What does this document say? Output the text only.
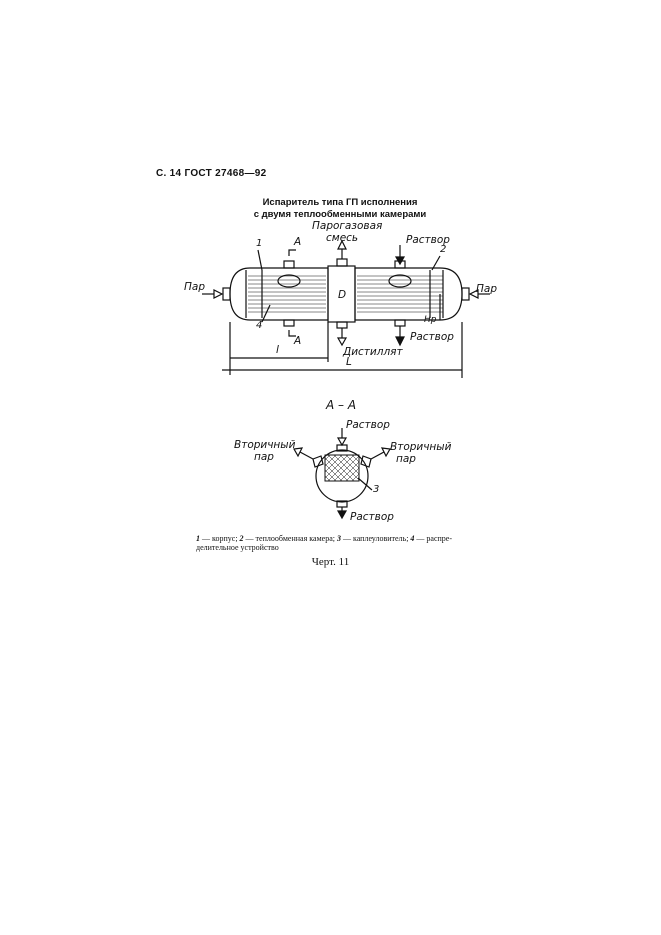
С. 14 ГОСТ 27468—92
Испаритель типа ГП исполнения
с двумя теплообменными камерами
Парогазовая
смесь	Раствор
Пар	Пар
Раствор
Дистиллят
А
А
l
L
D
Нр
1
2
4
А – А
Раствор
Вторичный
пар
Вторичный
пар
3
Раствор
1 — корпус; 2 — теплообменная камера; 3 — каплеуловитель; 4 — распре-
делительное устройство
Черт. 11
